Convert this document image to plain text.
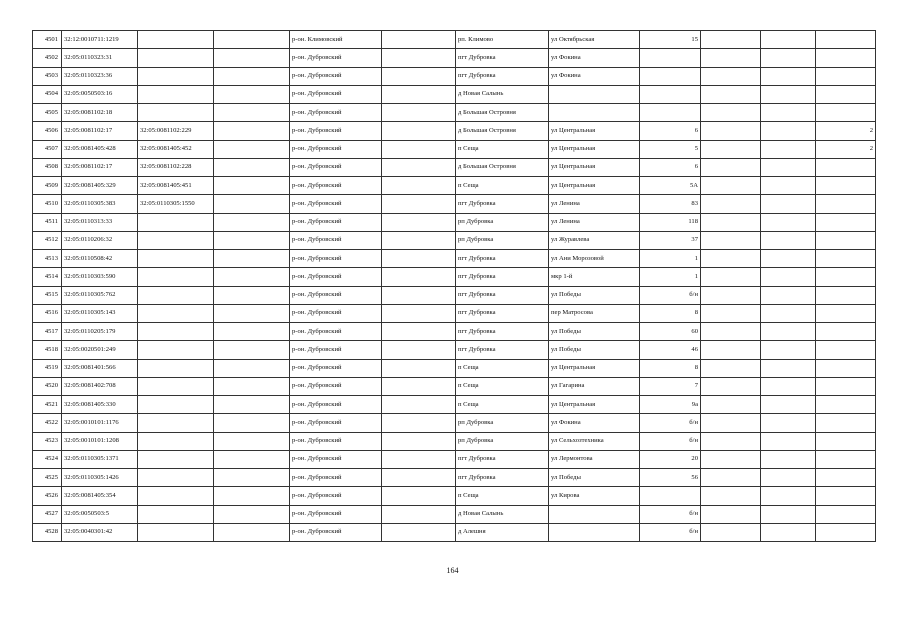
4501	32:12:0010711:1219			р-он. Климовский		рп. Климово	ул Октябрьская	15			
4502	32:05:0110323:31			р-он. Дубровский		пгт Дубровка	ул Фокина				
4503	32:05:0110323:36			р-он. Дубровский		пгт Дубровка	ул Фокина				
4504	32:05:0050503:16			р-он. Дубровский		д Новая Салынь					
4505	32:05:0081102:18			р-он. Дубровский		д Большая Островня					
4506	32:05:0081102:17	32:05:0081102:229		р-он. Дубровский		д Большая Островня	ул Центральная	6			2
4507	32:05:0081405:428	32:05:0081405:452		р-он. Дубровский		п Сеща	ул Центральная	5			2
4508	32:05:0081102:17	32:05:0081102:228		р-он. Дубровский		д Большая Островня	ул Центральная	6			
4509	32:05:0081405:329	32:05:0081405:451		р-он. Дубровский		п Сеща	ул Центральная	5А			
4510	32:05:0110305:383	32:05:0110305:1550		р-он. Дубровский		пгт Дубровка	ул Ленина	83			
4511	32:05:0110313:33			р-он. Дубровский		рп Дубровка	ул Ленина	118			
4512	32:05:0110206:32			р-он. Дубровский		рп Дубровка	ул Журавлева	37			
4513	32:05:0110508:42			р-он. Дубровский		пгт Дубровка	ул Ани Морозовой	1			
4514	32:05:0110303:590			р-он. Дубровский		пгт Дубровка	мкр 1-й	1			
4515	32:05:0110305:762			р-он. Дубровский		пгт Дубровка	ул Победы	б/н			
4516	32:05:0110305:143			р-он. Дубровский		пгт Дубровка	пер Матросова	8			
4517	32:05:0110205:179			р-он. Дубровский		пгт Дубровка	ул Победы	60			
4518	32:05:0020501:249			р-он. Дубровский		пгт Дубровка	ул Победы	46			
4519	32:05:0081401:566			р-он. Дубровский		п Сеща	ул Центральная	8			
4520	32:05:0081402:708			р-он. Дубровский		п Сеща	ул Гагарина	7			
4521	32:05:0081405:330			р-он. Дубровский		п Сеща	ул Центральная	9а			
4522	32:05:0010101:1176			р-он. Дубровский		рп Дубровка	ул Фокина	б/н			
4523	32:05:0010101:1208			р-он. Дубровский		рп Дубровка	ул Сельхозтехника	б/н			
4524	32:05:0110305:1371			р-он. Дубровский		пгт Дубровка	ул Лермонтова	20			
4525	32:05:0110305:1426			р-он. Дубровский		пгт Дубровка	ул Победы	56			
4526	32:05:0081405:354			р-он. Дубровский		п Сеща	ул Кирова				
4527	32:05:0050503:5			р-он. Дубровский		д Новая Салынь		б/н			
4528	32:05:0040301:42			р-он. Дубровский		д Алешня		б/н			
164
